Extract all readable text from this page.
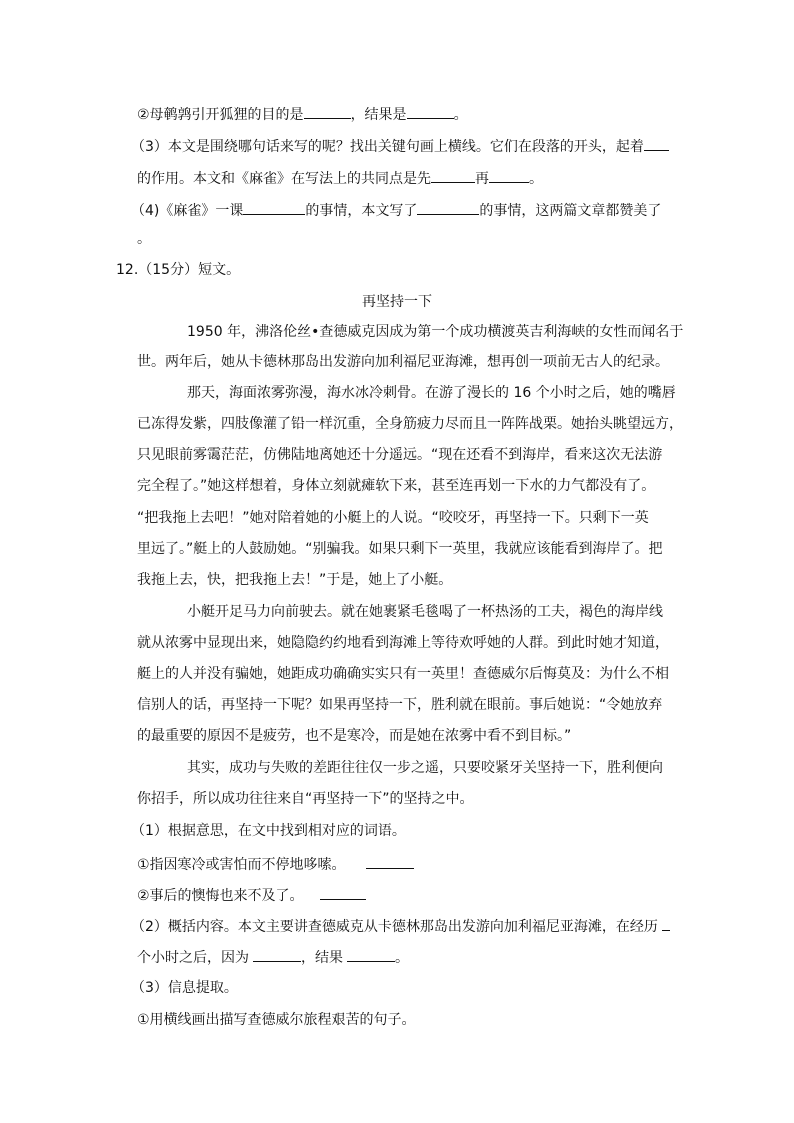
②母鹌鹑引开狐狸的目的是	，结果是	。
（3）本文是围绕哪句话来写的呢？找出关键句画上横线。它们在段落的开头，起着
的作用。本文和《麻雀》在写法上的共同点是先	再	。
（4)《麻雀》一课	的事情，本文写了	的事情，这两篇文章都赞美了
。
12.（15分）短文。
再坚持一下
1950 年，沸洛伦丝•查德威克因成为第一个成功横渡英吉利海峡的女性而闻名于
世。两年后，她从卡德林那岛出发游向加利福尼亚海滩，想再创一项前无古人的纪录。
那天，海面浓雾弥漫，海水冰冷刺骨。在游了漫长的 16 个小时之后，她的嘴唇
已冻得发紫，四肢像灌了铅一样沉重，全身筋疲力尽而且一阵阵战栗。她抬头眺望远方，
只见眼前雾霭茫茫，仿佛陆地离她还十分遥远。“现在还看不到海岸，看来这次无法游
完全程了。”她这样想着，身体立刻就瘫软下来，甚至连再划一下水的力气都没有了。
“把我拖上去吧！”她对陪着她的小艇上的人说。“咬咬牙，再坚持一下。只剩下一英
里远了。”艇上的人鼓励她。“别骗我。如果只剩下一英里，我就应该能看到海岸了。把
我拖上去，快，把我拖上去！”于是，她上了小艇。
小艇开足马力向前驶去。就在她裹紧毛毯喝了一杯热汤的工夫，褐色的海岸线
就从浓雾中显现出来，她隐隐约约地看到海滩上等待欢呼她的人群。到此时她才知道，
艇上的人并没有骗她，她距成功确确实实只有一英里！查德威尔后悔莫及：为什么不相
信别人的话，再坚持一下呢？如果再坚持一下，胜利就在眼前。事后她说：“令她放弃
的最重要的原因不是疲劳，也不是寒冷，而是她在浓雾中看不到目标。”
其实，成功与失败的差距往往仅一步之遥，只要咬紧牙关坚持一下，胜利便向
你招手，所以成功往往来自“再坚持一下”的坚持之中。
（1）根据意思，在文中找到相对应的词语。
①指因寒冷或害怕而不停地哆嗦。
②事后的懊悔也来不及了。
（2）概括内容。本文主要讲查德威克从卡德林那岛出发游向加利福尼亚海滩，在经历
个小时之后，因为	，结果	。
（3）信息提取。
①用横线画出描写查德威尔旅程艰苦的句子。
